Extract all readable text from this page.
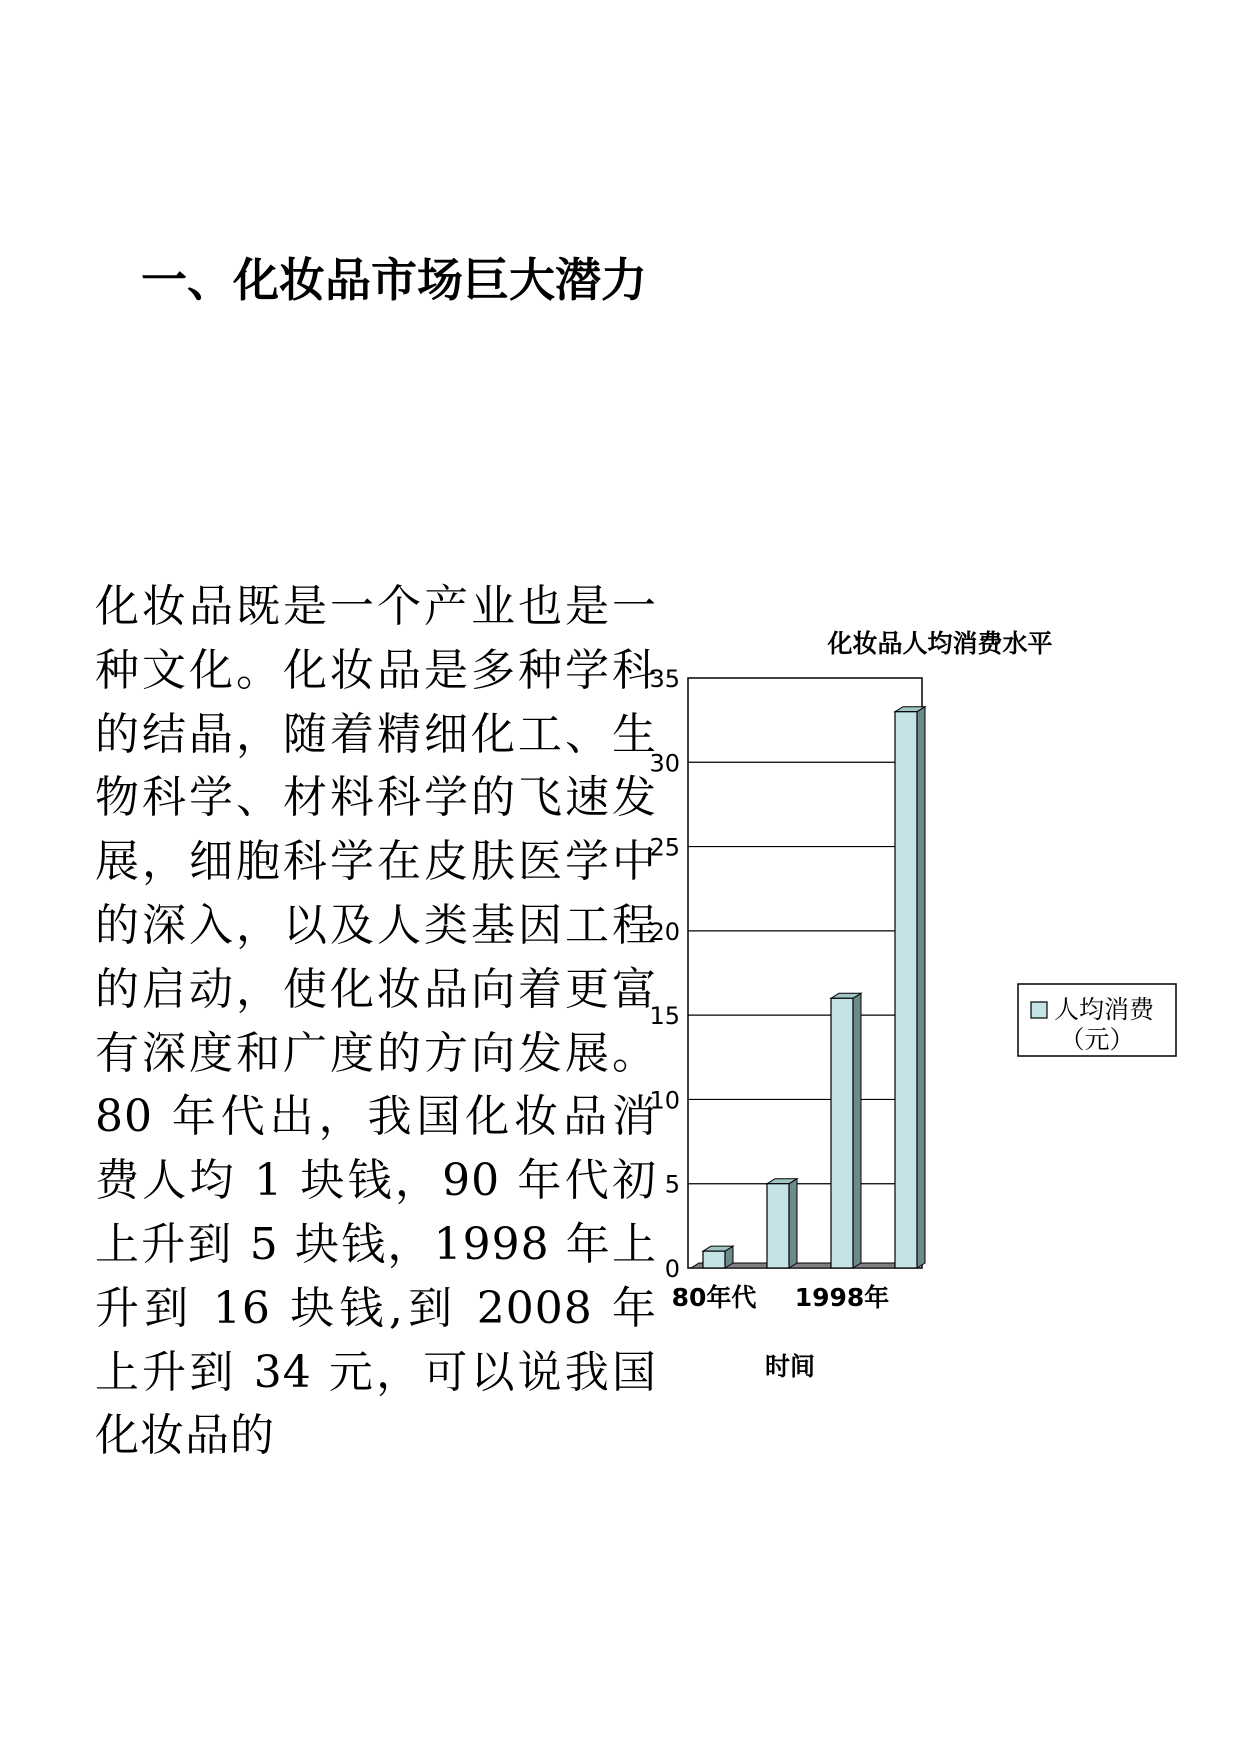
一、化妆品市场巨大潜力
化妆品既是一个产业也是一种文化。化妆品是多种学科的结晶，随着精细化工、生物科学、材料科学的飞速发展，细胞科学在皮肤医学中的深入，以及人类基因工程的启动，使化妆品向着更富有深度和广度的方向发展。80 年代出，我国化妆品消费人均 1 块钱，90 年代初上升到 5 块钱，1998 年上升到 16 块钱,到 2008 年上升到 34 元，可以说我国化妆品的
化妆品人均消费水平
0
5
10
15
20
25
30
35
80年代 1998年
时间
人均消费
（元）
